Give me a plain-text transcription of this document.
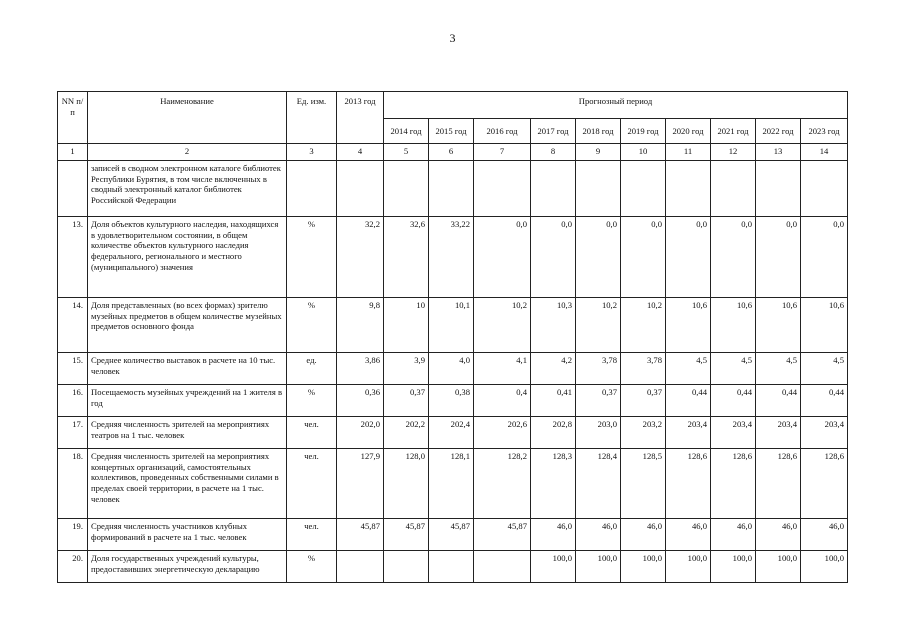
3
NN п/п	Наименование	Ед. изм.	2013 год	Прогнозный период									
				2014 год	2015 год	2016 год	2017 год	2018 год	2019 год	2020 год	2021 год	2022 год	2023 год
1	2	3	4	5	6	7	8	9	10	11	12	13	14
	записей в сводном электронном каталоге библиотек Республики Бурятия, в том числе включенных в сводный электронный каталог библиотек Российской Федерации												
13.	Доля объектов культурного наследия, находящихся в удовлетворительном состоянии, в общем количестве объектов культурного наследия федерального, регионального и местного (муниципального) значения	%	32,2	32,6	33,22	0,0	0,0	0,0	0,0	0,0	0,0	0,0	0,0
14.	Доля представленных (во всех формах) зрителю музейных предметов в общем количестве музейных предметов основного фонда	%	9,8	10	10,1	10,2	10,3	10,2	10,2	10,6	10,6	10,6	10,6
15.	Среднее количество выставок в расчете на 10 тыс. человек	ед.	3,86	3,9	4,0	4,1	4,2	3,78	3,78	4,5	4,5	4,5	4,5
16.	Посещаемость музейных учреждений на 1 жителя в год	%	0,36	0,37	0,38	0,4	0,41	0,37	0,37	0,44	0,44	0,44	0,44
17.	Средняя численность зрителей на мероприятиях театров на 1 тыс. человек	чел.	202,0	202,2	202,4	202,6	202,8	203,0	203,2	203,4	203,4	203,4	203,4
18.	Средняя численность зрителей на мероприятиях концертных организаций, самостоятельных коллективов, проведенных собственными силами в пределах своей территории, в расчете на 1 тыс. человек	чел.	127,9	128,0	128,1	128,2	128,3	128,4	128,5	128,6	128,6	128,6	128,6
19.	Средняя численность участников клубных формирований в расчете на 1 тыс. человек	чел.	45,87	45,87	45,87	45,87	46,0	46,0	46,0	46,0	46,0	46,0	46,0
20.	Доля государственных учреждений культуры, предоставивших энергетическую декларацию	%					100,0	100,0	100,0	100,0	100,0	100,0	100,0
